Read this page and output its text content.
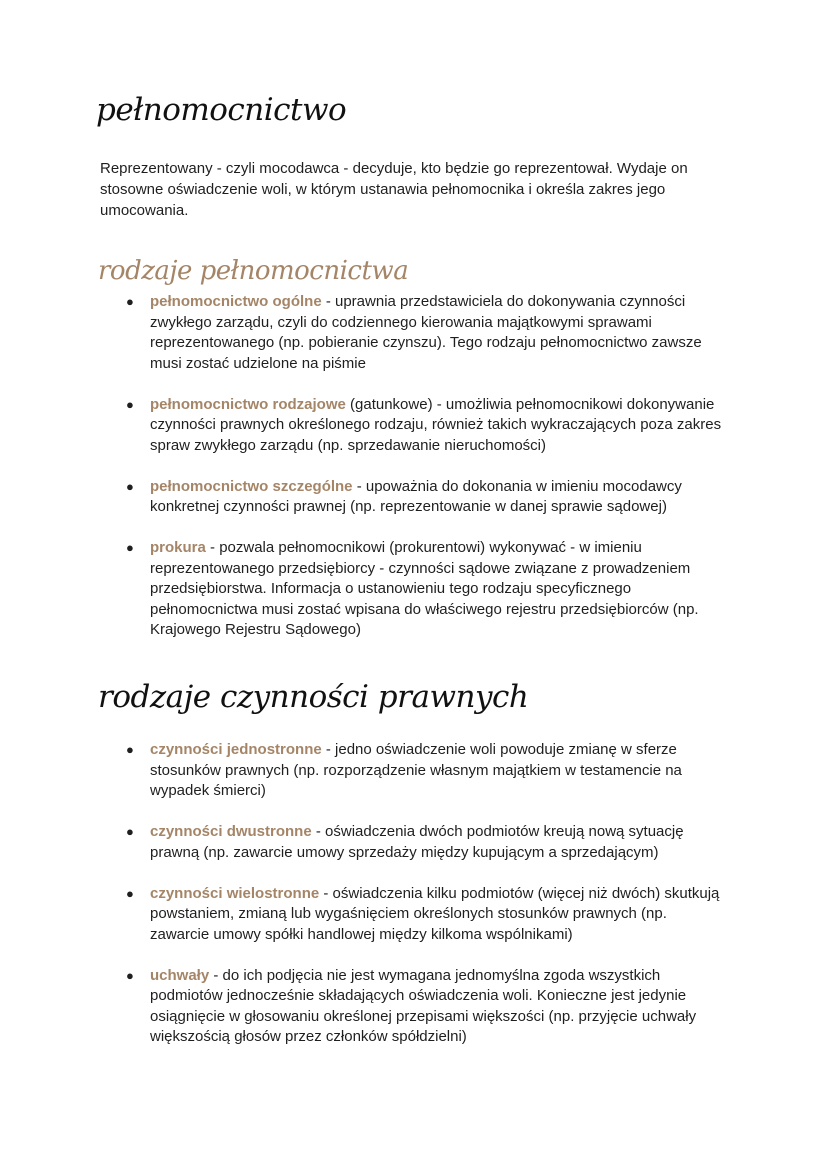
pełnomocnictwo

Reprezentowany - czyli mocodawca - decyduje, kto będzie go reprezentował. Wydaje on stosowne oświadczenie woli, w którym ustanawia pełnomocnika i określa zakres jego umocowania.

rodzaje pełnomocnictwa
● pełnomocnictwo ogólne - uprawnia przedstawiciela do dokonywania czynności zwykłego zarządu, czyli do codziennego kierowania majątkowymi sprawami reprezentowanego (np. pobieranie czynszu). Tego rodzaju pełnomocnictwo zawsze musi zostać udzielone na piśmie
● pełnomocnictwo rodzajowe (gatunkowe) - umożliwia pełnomocnikowi dokonywanie czynności prawnych określonego rodzaju, również takich wykraczających poza zakres spraw zwykłego zarządu (np. sprzedawanie nieruchomości)
● pełnomocnictwo szczególne - upoważnia do dokonania w imieniu mocodawcy konkretnej czynności prawnej (np. reprezentowanie w danej sprawie sądowej)
● prokura - pozwala pełnomocnikowi (prokurentowi) wykonywać - w imieniu reprezentowanego przedsiębiorcy - czynności sądowe związane z prowadzeniem przedsiębiorstwa. Informacja o ustanowieniu tego rodzaju specyficznego pełnomocnictwa musi zostać wpisana do właściwego rejestru przedsiębiorców (np. Krajowego Rejestru Sądowego)
rodzaje czynności prawnych
● czynności jednostronne - jedno oświadczenie woli powoduje zmianę w sferze stosunków prawnych (np. rozporządzenie własnym majątkiem w testamencie na wypadek śmierci)
● czynności dwustronne - oświadczenia dwóch podmiotów kreują nową sytuację prawną (np. zawarcie umowy sprzedaży między kupującym a sprzedającym)
● czynności wielostronne - oświadczenia kilku podmiotów (więcej niż dwóch) skutkują powstaniem, zmianą lub wygaśnięciem określonych stosunków prawnych (np. zawarcie umowy spółki handlowej między kilkoma wspólnikami)
● uchwały - do ich podjęcia nie jest wymagana jednomyślna zgoda wszystkich podmiotów jednocześnie składających oświadczenia woli. Konieczne jest jedynie osiągnięcie w głosowaniu określonej przepisami większości (np. przyjęcie uchwały większością głosów przez członków spółdzielni)
